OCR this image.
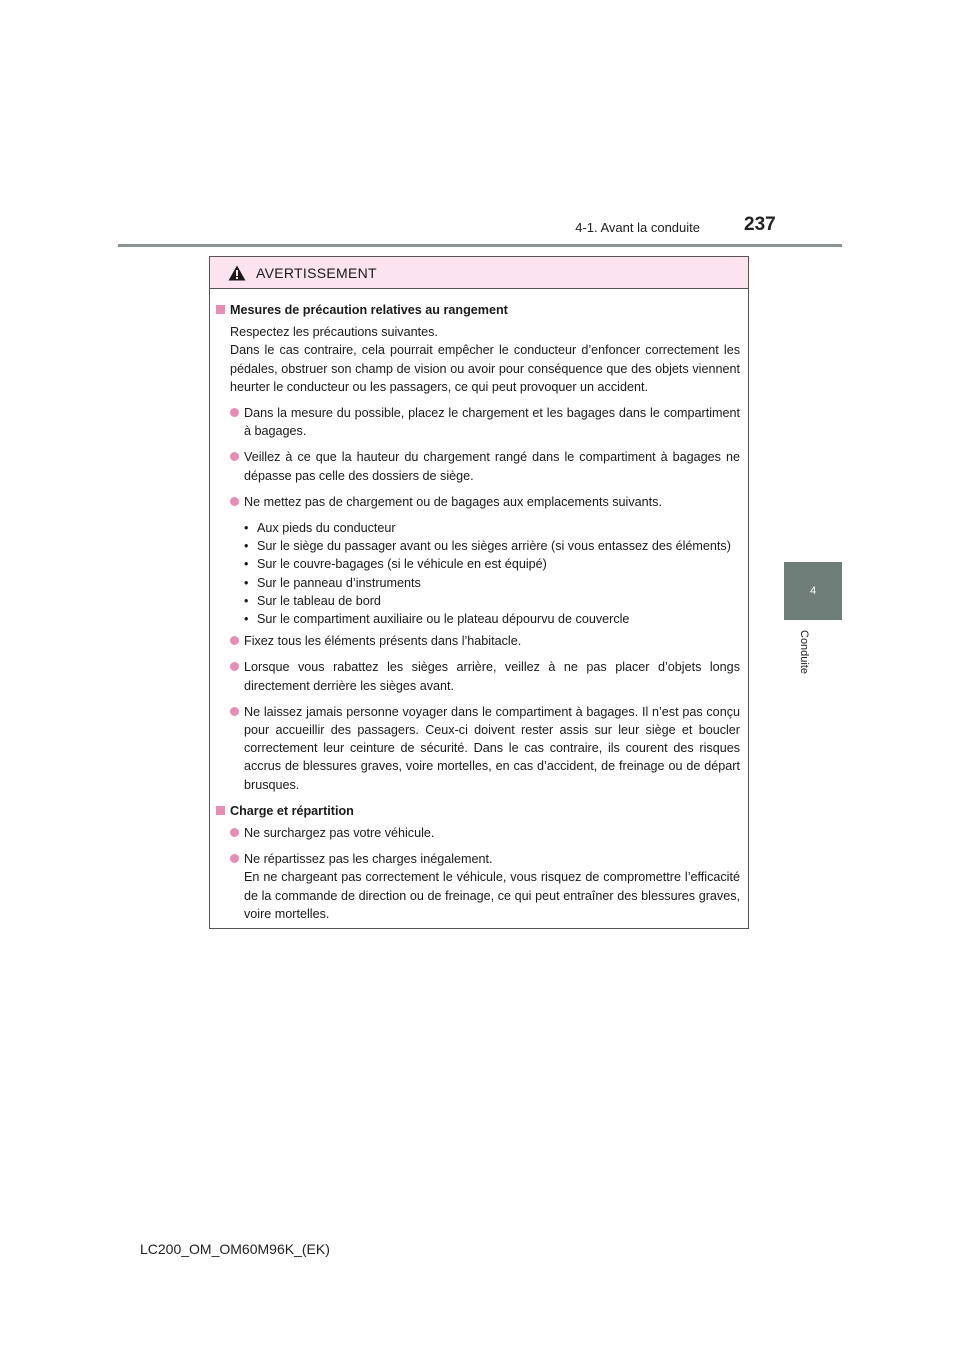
237
4-1. Avant la conduite
4
Conduite
AVERTISSEMENT
Mesures de précaution relatives au rangement
Respectez les précautions suivantes.
Dans le cas contraire, cela pourrait empêcher le conducteur d’enfoncer correctement les pédales, obstruer son champ de vision ou avoir pour conséquence que des objets viennent heurter le conducteur ou les passagers, ce qui peut provoquer un accident.
Dans la mesure du possible, placez le chargement et les bagages dans le compartiment à bagages.
Veillez à ce que la hauteur du chargement rangé dans le compartiment à bagages ne dépasse pas celle des dossiers de siège.
Ne mettez pas de chargement ou de bagages aux emplacements suivants.
• Aux pieds du conducteur
• Sur le siège du passager avant ou les sièges arrière (si vous entassez des éléments)
• Sur le couvre-bagages (si le véhicule en est équipé)
• Sur le panneau d’instruments
• Sur le tableau de bord
• Sur le compartiment auxiliaire ou le plateau dépourvu de couvercle
Fixez tous les éléments présents dans l’habitacle.
Lorsque vous rabattez les sièges arrière, veillez à ne pas placer d’objets longs directement derrière les sièges avant.
Ne laissez jamais personne voyager dans le compartiment à bagages. Il n’est pas conçu pour accueillir des passagers. Ceux-ci doivent rester assis sur leur siège et boucler correctement leur ceinture de sécurité. Dans le cas contraire, ils courent des risques accrus de blessures graves, voire mortelles, en cas d’accident, de freinage ou de départ brusques.
Charge et répartition
Ne surchargez pas votre véhicule.
Ne répartissez pas les charges inégalement.
En ne chargeant pas correctement le véhicule, vous risquez de compromettre l’efficacité de la commande de direction ou de freinage, ce qui peut entraîner des blessures graves, voire mortelles.
LC200_OM_OM60M96K_(EK)
